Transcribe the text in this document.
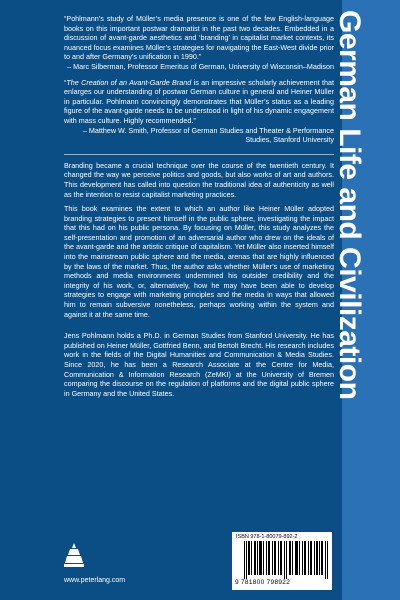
German Life and Civilization
“Pohlmann’s study of Müller’s media presence is one of the few English-language books on this important postwar dramatist in the past two decades. Embedded in a discussion of avant-garde aesthetics and ‘branding’ in capitalist market contexts, its nuanced focus examines Müller’s strategies for navigating the East-West divide prior to and after Germany’s unification in 1990.”
– Marc Silberman, Professor Emeritus of German, University of Wisconsin–Madison
“The Creation of an Avant-Garde Brand is an impressive scholarly achievement that enlarges our understanding of postwar German culture in general and Heiner Müller in particular. Pohlmann convincingly demonstrates that Müller’s status as a leading figure of the avant-garde needs to be understood in light of his dynamic engagement with mass culture. Highly recommended.”
– Matthew W. Smith, Professor of German Studies and Theater & Performance Studies, Stanford University

Branding became a crucial technique over the course of the twentieth century. It changed the way we perceive politics and goods, but also works of art and authors. This development has called into question the traditional idea of authenticity as well as the intention to resist capitalist marketing practices.

This book examines the extent to which an author like Heiner Müller adopted branding strategies to present himself in the public sphere, investigating the impact that this had on his public persona. By focusing on Müller, this study analyzes the self-presentation and promotion of an adversarial author who drew on the ideals of the avant-garde and the artistic critique of capitalism. Yet Müller also inserted himself into the mainstream public sphere and the media, arenas that are highly influenced by the laws of the market. Thus, the author asks whether Müller’s use of marketing methods and media environments undermined his outsider credibility and the integrity of his work, or, alternatively, how he may have been able to develop strategies to engage with marketing principles and the media in ways that allowed him to remain subversive nonetheless, perhaps working within the system and against it at the same time.

Jens Pohlmann holds a Ph.D. in German Studies from Stanford University. He has published on Heiner Müller, Gottfried Benn, and Bertolt Brecht. His research includes work in the fields of the Digital Humanities and Communication & Media Studies. Since 2020, he has been a Research Associate at the Centre for Media, Communication & Information Research (ZeMKI) at the University of Bremen comparing the discourse on the regulation of platforms and the digital public sphere in Germany and the United States.

www.peterlang.com
ISBN 978-1-80079-892-2
9 781800 798922
